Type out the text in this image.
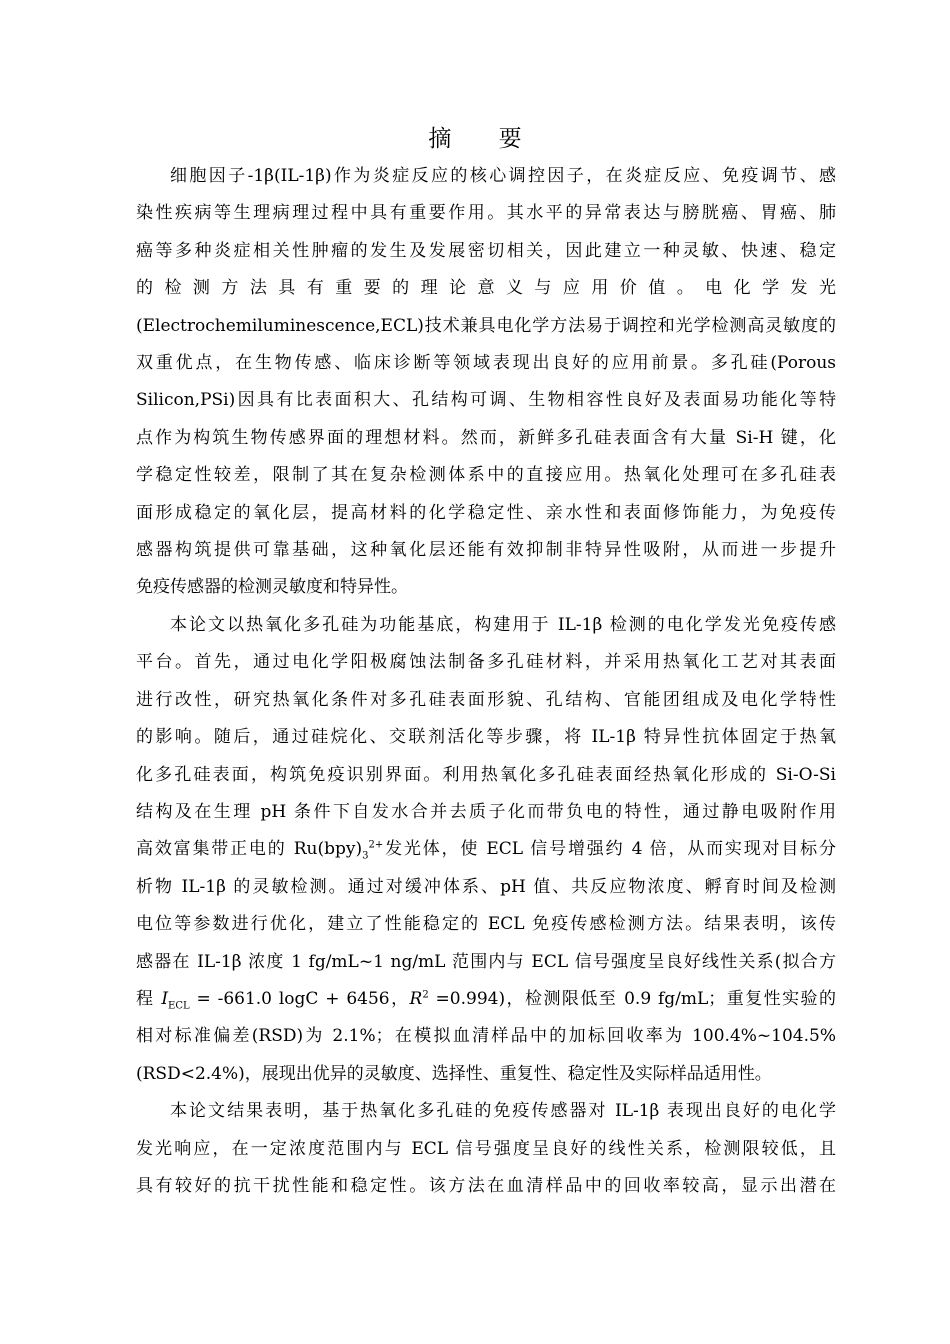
摘 要
细胞因子-1β(IL-1β)作为炎症反应的核心调控因子，在炎症反应、免疫调节、感
染性疾病等生理病理过程中具有重要作用。其水平的异常表达与膀胱癌、胃癌、肺
癌等多种炎症相关性肿瘤的发生及发展密切相关，因此建立一种灵敏、快速、稳定
的检测方法具有重要的理论意义与应用价值。电化学发光
(Electrochemiluminescence,ECL)技术兼具电化学方法易于调控和光学检测高灵敏度的
双重优点，在生物传感、临床诊断等领域表现出良好的应用前景。多孔硅(Porous
Silicon,PSi)因具有比表面积大、孔结构可调、生物相容性良好及表面易功能化等特
点作为构筑生物传感界面的理想材料。然而，新鲜多孔硅表面含有大量 Si-H 键，化
学稳定性较差，限制了其在复杂检测体系中的直接应用。热氧化处理可在多孔硅表
面形成稳定的氧化层，提高材料的化学稳定性、亲水性和表面修饰能力，为免疫传
感器构筑提供可靠基础，这种氧化层还能有效抑制非特异性吸附，从而进一步提升
免疫传感器的检测灵敏度和特异性。
本论文以热氧化多孔硅为功能基底，构建用于 IL-1β 检测的电化学发光免疫传感
平台。首先，通过电化学阳极腐蚀法制备多孔硅材料，并采用热氧化工艺对其表面
进行改性，研究热氧化条件对多孔硅表面形貌、孔结构、官能团组成及电化学特性
的影响。随后，通过硅烷化、交联剂活化等步骤，将 IL-1β 特异性抗体固定于热氧
化多孔硅表面，构筑免疫识别界面。利用热氧化多孔硅表面经热氧化形成的 Si-O-Si
结构及在生理 pH 条件下自发水合并去质子化而带负电的特性，通过静电吸附作用
高效富集带正电的 $Ru(bpy)_3^{2+}$发光体，使 ECL 信号增强约 4 倍，从而实现对目标分
析物 IL-1β 的灵敏检测。通过对缓冲体系、pH 值、共反应物浓度、孵育时间及检测
电位等参数进行优化，建立了性能稳定的 ECL 免疫传感检测方法。结果表明，该传
感器在 IL-1β 浓度 1 fg/mL~1 ng/mL 范围内与 ECL 信号强度呈良好线性关系(拟合方
程 $I_{ECL} = -661.0$ logC + 6456，$R^2 =0.994$)，检测限低至 0.9 fg/mL；重复性实验的
相对标准偏差(RSD)为 2.1%；在模拟血清样品中的加标回收率为 100.4%~104.5%
(RSD<2.4%)，展现出优异的灵敏度、选择性、重复性、稳定性及实际样品适用性。
本论文结果表明，基于热氧化多孔硅的免疫传感器对 IL-1β 表现出良好的电化学
发光响应，在一定浓度范围内与 ECL 信号强度呈良好的线性关系，检测限较低，且
具有较好的抗干扰性能和稳定性。该方法在血清样品中的回收率较高，显示出潜在
